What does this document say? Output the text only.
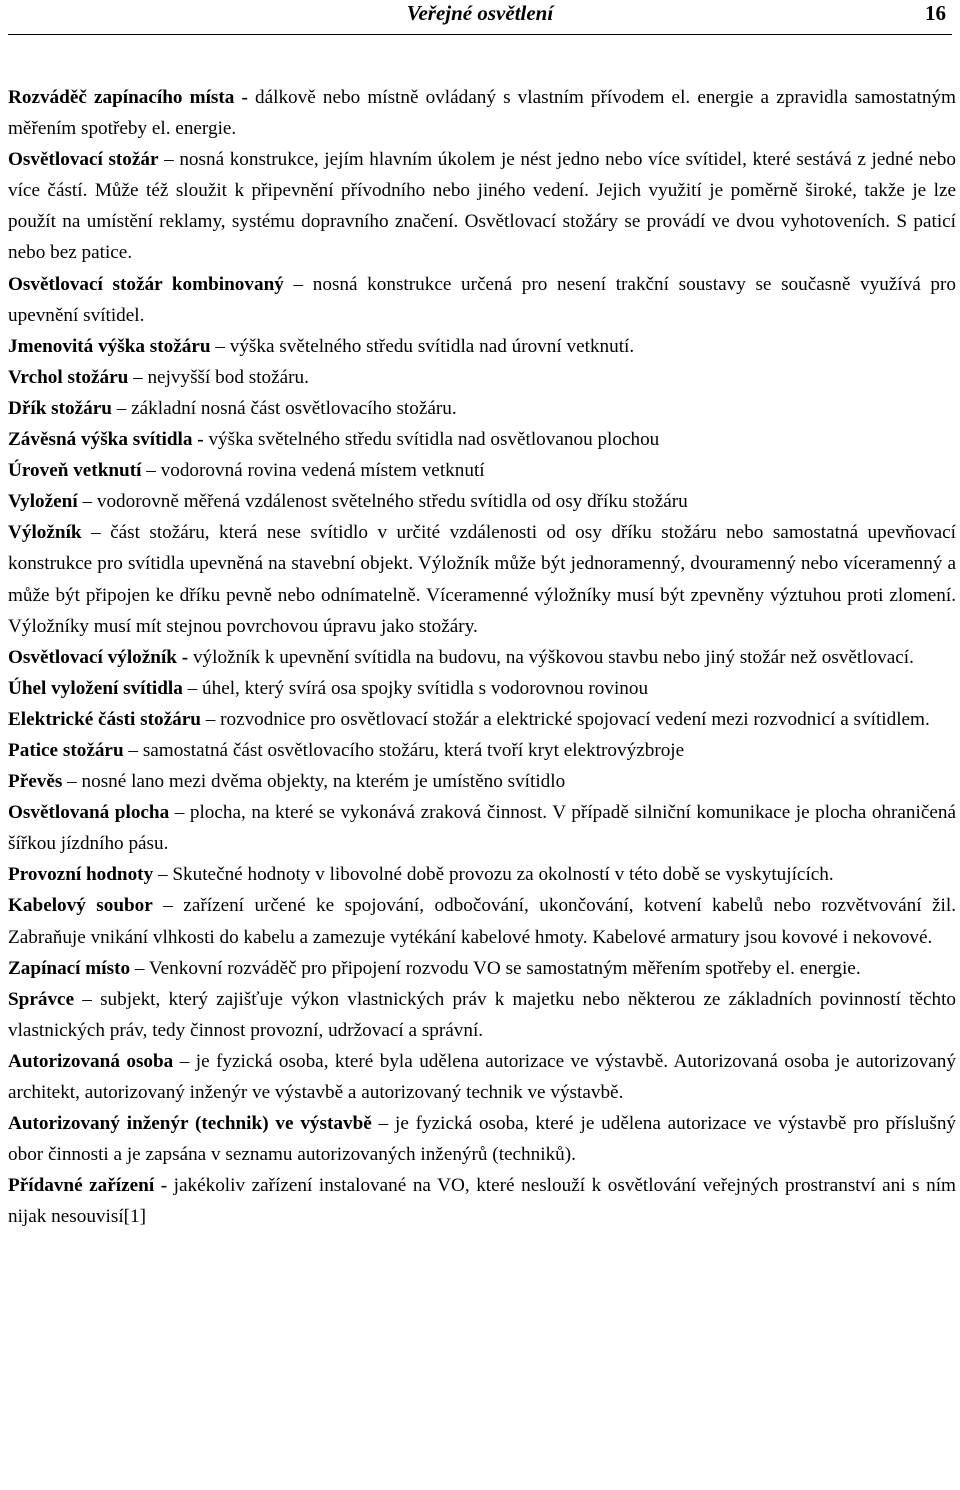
Veřejné osvětlení	16

Rozváděč zapínacího místa - dálkově nebo místně ovládaný s vlastním přívodem el. energie a zpravidla samostatným měřením spotřeby el. energie.

Osvětlovací stožár – nosná konstrukce, jejím hlavním úkolem je nést jedno nebo více svítidel, které sestává z jedné nebo více částí. Může též sloužit k připevnění přívodního nebo jiného vedení. Jejich využití je poměrně široké, takže je lze použít na umístění reklamy, systému dopravního značení. Osvětlovací stožáry se provádí ve dvou vyhotoveních. S paticí nebo bez patice.

Osvětlovací stožár kombinovaný – nosná konstrukce určená pro nesení trakční soustavy se současně využívá pro upevnění svítidel.

Jmenovitá výška stožáru – výška světelného středu svítidla nad úrovní vetknutí.

Vrchol stožáru – nejvyšší bod stožáru.

Dřík stožáru – základní nosná část osvětlovacího stožáru.

Závěsná výška svítidla - výška světelného středu svítidla nad osvětlovanou plochou

Úroveň vetknutí – vodorovná rovina vedená místem vetknutí

Vyložení – vodorovně měřená vzdálenost světelného středu svítidla od osy dříku stožáru

Výložník – část stožáru, která nese svítidlo v určité vzdálenosti od osy dříku stožáru nebo samostatná upevňovací konstrukce pro svítidla upevněná na stavební objekt. Výložník může být jednoramenný, dvouramenný nebo víceramenný a může být připojen ke dříku pevně nebo odnímatelně. Víceramenné výložníky musí být zpevněny výztuhou proti zlomení. Výložníky musí mít stejnou povrchovou úpravu jako stožáry.

Osvětlovací výložník - výložník k upevnění svítidla na budovu, na výškovou stavbu nebo jiný stožár než osvětlovací.

Úhel vyložení svítidla – úhel, který svírá osa spojky svítidla s vodorovnou rovinou

Elektrické části stožáru – rozvodnice pro osvětlovací stožár a elektrické spojovací vedení mezi rozvodnicí a svítidlem.

Patice stožáru – samostatná část osvětlovacího stožáru, která tvoří kryt elektrovýzbroje

Převěs – nosné lano mezi dvěma objekty, na kterém je umístěno svítidlo

Osvětlovaná plocha – plocha, na které se vykonává zraková činnost. V případě silniční komunikace je plocha ohraničená šířkou jízdního pásu.

Provozní hodnoty – Skutečné hodnoty v libovolné době provozu za okolností v této době se vyskytujících.

Kabelový soubor – zařízení určené ke spojování, odbočování, ukončování, kotvení kabelů nebo rozvětvování žil. Zabraňuje vnikání vlhkosti do kabelu a zamezuje vytékání kabelové hmoty. Kabelové armatury jsou kovové i nekovové.

Zapínací místo – Venkovní rozváděč pro připojení rozvodu VO se samostatným měřením spotřeby el. energie.

Správce – subjekt, který zajišťuje výkon vlastnických práv k majetku nebo některou ze základních povinností těchto vlastnických práv, tedy činnost provozní, udržovací a správní.

Autorizovaná osoba – je fyzická osoba, které byla udělena autorizace ve výstavbě. Autorizovaná osoba je autorizovaný architekt, autorizovaný inženýr ve výstavbě a autorizovaný technik ve výstavbě.

Autorizovaný inženýr (technik) ve výstavbě – je fyzická osoba, které je udělena autorizace ve výstavbě pro příslušný obor činnosti a je zapsána v seznamu autorizovaných inženýrů (techniků).

Přídavné zařízení - jakékoliv zařízení instalované na VO, které neslouží k osvětlování veřejných prostranství ani s ním nijak nesouvisí[1]
